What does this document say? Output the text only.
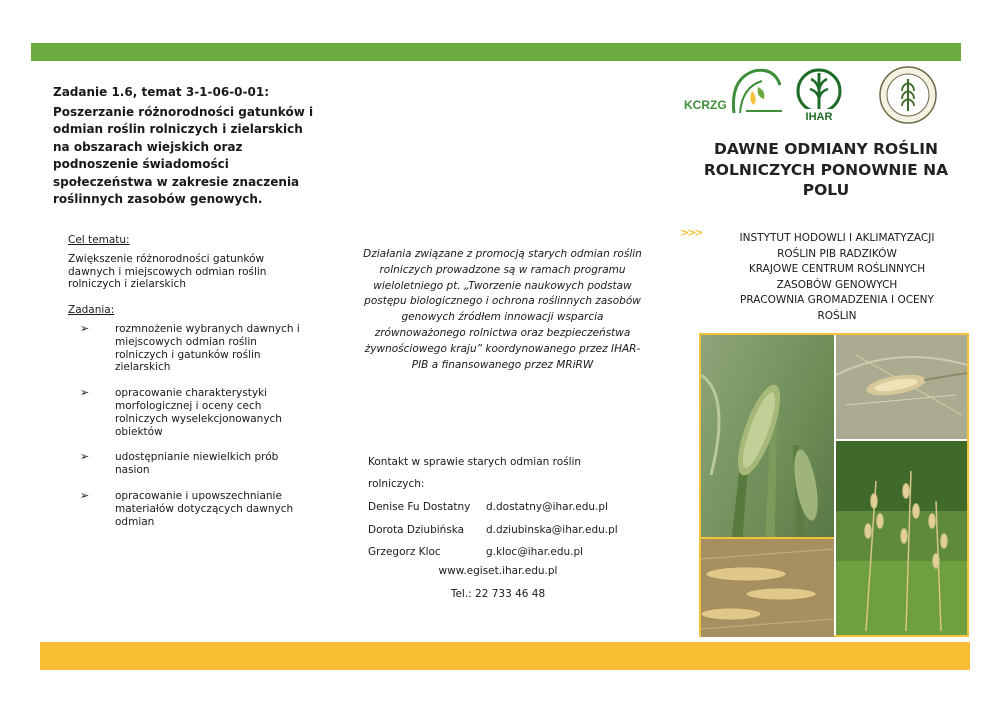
Zadanie 1.6, temat 3-1-06-0-01:
Poszerzanie różnorodności gatunków i odmian roślin rolniczych i zielarskich na obszarach wiejskich oraz podnoszenie świadomości społeczeństwa w zakresie znaczenia roślinnych zasobów genowych.
Cel tematu:
Zwiększenie różnorodności gatunków dawnych i miejscowych odmian roślin rolniczych i zielarskich
Zadania:
➢ rozmnożenie wybranych dawnych i miejscowych odmian roślin rolniczych i gatunków roślin zielarskich
➢ opracowanie charakterystyki morfologicznej i oceny cech rolniczych wyselekcjonowanych obiektów
➢ udostępnianie niewielkich prób nasion
➢ opracowanie i upowszechnianie materiałów dotyczących dawnych odmian
Działania związane z promocją starych odmian roślin rolniczych prowadzone są w ramach programu wieloletniego pt. „Tworzenie naukowych podstaw postępu biologicznego i ochrona roślinnych zasobów genowych źródłem innowacji wsparcia zrównoważonego rolnictwa oraz bezpieczeństwa żywnościowego kraju” koordynowanego przez IHAR-PIB a finansowanego przez MRiRW
Kontakt w sprawie starych odmian roślin rolniczych:
Denise Fu Dostatny	d.dostatny@ihar.edu.pl
Dorota Dziubińska	d.dziubinska@ihar.edu.pl
Grzegorz Kloc	g.kloc@ihar.edu.pl
www.egiset.ihar.edu.pl
Tel.: 22 733 46 48
KCRZG
IHAR
DAWNE ODMIANY ROŚLIN ROLNICZYCH PONOWNIE NA POLU
>>>	INSTYTUT HODOWLI I AKLIMATYZACJI
ROŚLIN PIB RADZIKÓW
KRAJOWE CENTRUM ROŚLINNYCH
ZASOBÓW GENOWYCH
PRACOWNIA GROMADZENIA I OCENY
ROŚLIN
